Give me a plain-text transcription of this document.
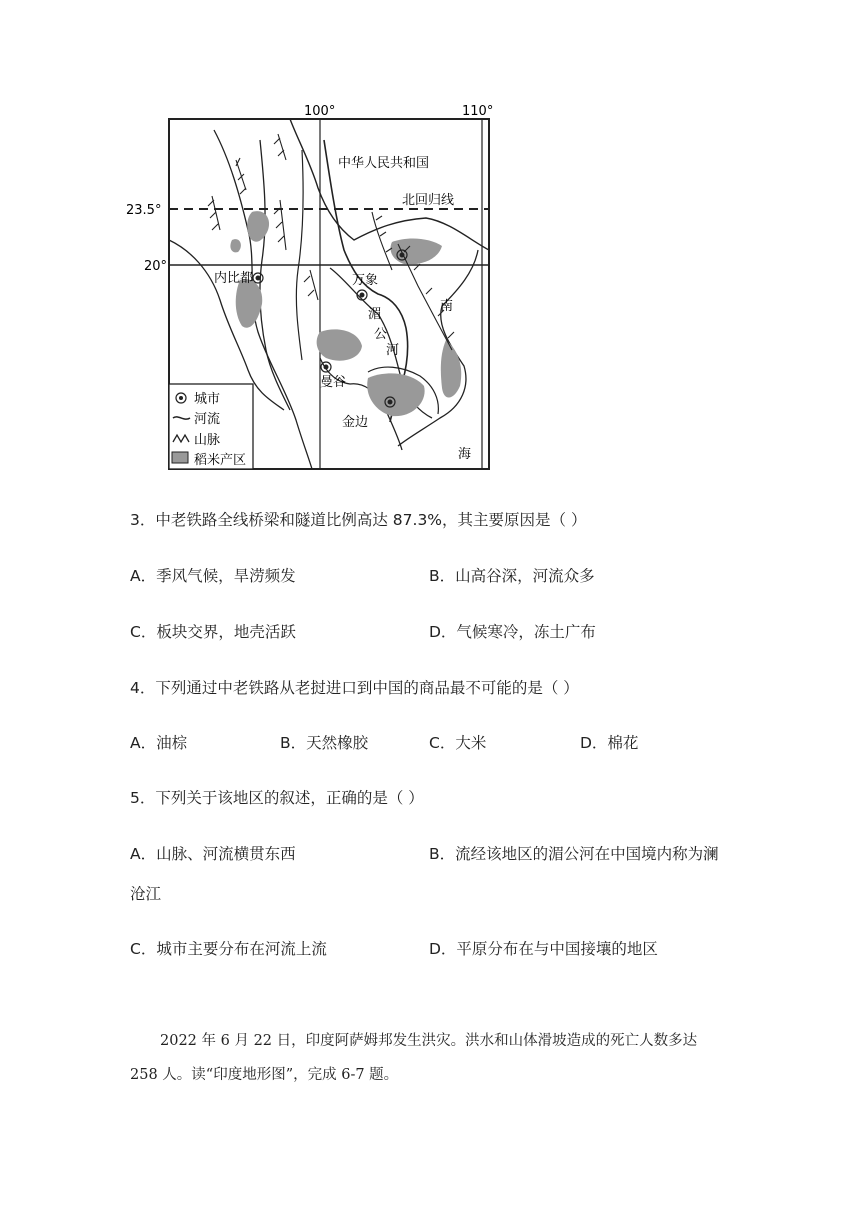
100°	110°
23.5°
20°
中华人民共和国
北回归线
内比都	万象
湄
公
河
曼谷
金边
南
海
城市
河流
山脉
稻米产区
3．中老铁路全线桥梁和隧道比例高达 87.3%，其主要原因是（ ）
A．季风气候，旱涝频发	B．山高谷深，河流众多
C．板块交界，地壳活跃	D．气候寒冷，冻土广布
4．下列通过中老铁路从老挝进口到中国的商品最不可能的是（ ）
A．油棕	B．天然橡胶	C．大米	D．棉花
5．下列关于该地区的叙述，正确的是（ ）
A．山脉、河流横贯东西	B．流经该地区的湄公河在中国境内称为澜
沧江
C．城市主要分布在河流上流	D．平原分布在与中国接壤的地区
2022 年 6 月 22 日，印度阿萨姆邦发生洪灾。洪水和山体滑坡造成的死亡人数多达
258 人。读“印度地形图”，完成 6-7 题。
